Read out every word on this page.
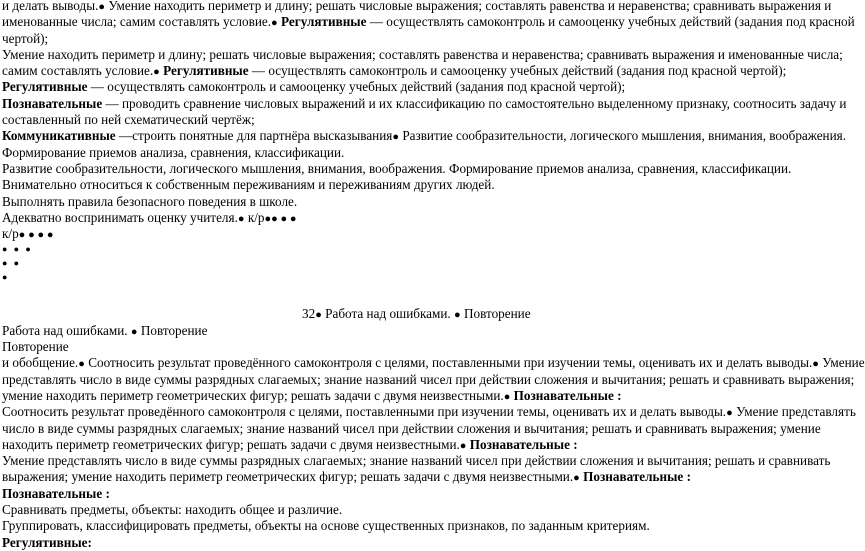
и делать выводы.● Умение находить периметр и длину; решать числовые выражения; составлять равенства и неравенства; сравнивать выражения и
именованные числа; самим составлять условие.● Регулятивные — осуществлять самоконтроль и самооценку учебных действий (задания под красной
чертой);
Умение находить периметр и длину; решать числовые выражения; составлять равенства и неравенства; сравнивать выражения и именованные числа;
самим составлять условие.● Регулятивные — осуществлять самоконтроль и самооценку учебных действий (задания под красной чертой);
Регулятивные — осуществлять самоконтроль и самооценку учебных действий (задания под красной чертой);
Познавательные — проводить сравнение числовых выражений и их классификацию по самостоятельно выделенному признаку, соотносить задачу и
составленный по ней схематический чертёж;
Коммуникативные —строить понятные для партнёра высказывания● Развитие сообразительности, логического мышления, внимания, воображения.
Формирование приемов анализа, сравнения, классификации.
Развитие сообразительности, логического мышления, внимания, воображения. Формирование приемов анализа, сравнения, классификации.
Внимательно относиться к собственным переживаниям и переживаниям других людей.
Выполнять правила безопасного поведения в школе.
Адекватно воспринимать оценку учителя.● к/р●● ● ●
к/р● ● ● ●
● ● ●
● ●
●
32● Работа над ошибками. ● Повторение
Работа над ошибками. ● Повторение
Повторение
и обобщение.● Соотносить результат проведённого самоконтроля с целями, поставленными при изучении темы, оценивать их и делать выводы.● Умение
представлять число в виде суммы разрядных слагаемых; знание названий чисел при действии сложения и вычитания; решать и сравнивать выражения;
умение находить периметр геометрических фигур; решать задачи с двумя неизвестными.● Познавательные :
Соотносить результат проведённого самоконтроля с целями, поставленными при изучении темы, оценивать их и делать выводы.● Умение представлять
число в виде суммы разрядных слагаемых; знание названий чисел при действии сложения и вычитания; решать и сравнивать выражения; умение
находить периметр геометрических фигур; решать задачи с двумя неизвестными.● Познавательные :
Умение представлять число в виде суммы разрядных слагаемых; знание названий чисел при действии сложения и вычитания; решать и сравнивать
выражения; умение находить периметр геометрических фигур; решать задачи с двумя неизвестными.● Познавательные :
Познавательные :
Сравнивать предметы, объекты: находить общее и различие.
Группировать, классифицировать предметы, объекты на основе существенных признаков, по заданным критериям.
Регулятивные:
